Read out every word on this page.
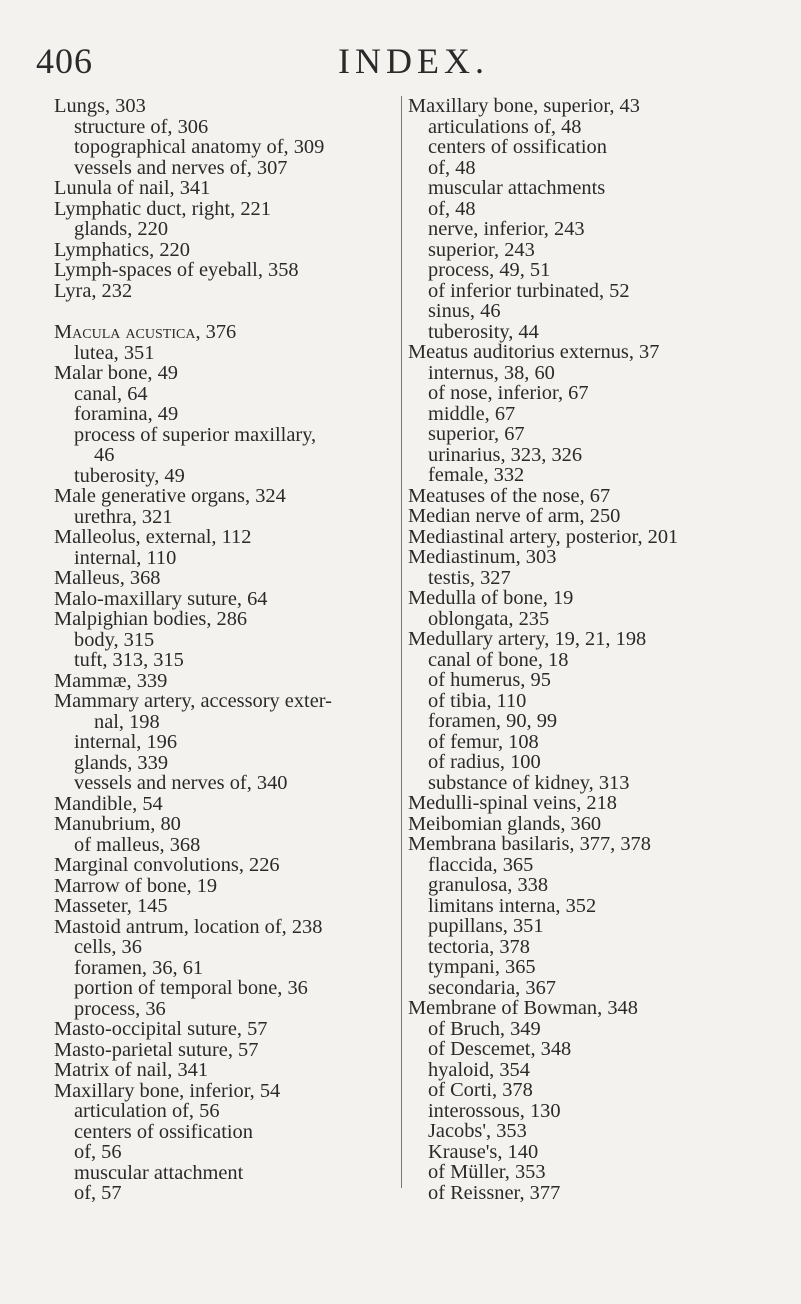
406	INDEX.
Lungs, 303
structure of, 306
topographical anatomy of, 309
vessels and nerves of, 307
Lunula of nail, 341
Lymphatic duct, right, 221
glands, 220
Lymphatics, 220
Lymph-spaces of eyeball, 358
Lyra, 232
Macula acustica, 376
lutea, 351
Malar bone, 49
canal, 64
foramina, 49
process of superior maxillary,
46
tuberosity, 49
Male generative organs, 324
urethra, 321
Malleolus, external, 112
internal, 110
Malleus, 368
Malo-maxillary suture, 64
Malpighian bodies, 286
body, 315
tuft, 313, 315
Mammæ, 339
Mammary artery, accessory exter-
nal, 198
internal, 196
glands, 339
vessels and nerves of, 340
Mandible, 54
Manubrium, 80
of malleus, 368
Marginal convolutions, 226
Marrow of bone, 19
Masseter, 145
Mastoid antrum, location of, 238
cells, 36
foramen, 36, 61
portion of temporal bone, 36
process, 36
Masto-occipital suture, 57
Masto-parietal suture, 57
Matrix of nail, 341
Maxillary bone, inferior, 54
articulation of, 56
centers of ossification
of, 56
muscular attachment
of, 57
Maxillary bone, superior, 43
articulations of, 48
centers of ossification
of, 48
muscular attachments
of, 48
nerve, inferior, 243
superior, 243
process, 49, 51
of inferior turbinated, 52
sinus, 46
tuberosity, 44
Meatus auditorius externus, 37
internus, 38, 60
of nose, inferior, 67
middle, 67
superior, 67
urinarius, 323, 326
female, 332
Meatuses of the nose, 67
Median nerve of arm, 250
Mediastinal artery, posterior, 201
Mediastinum, 303
testis, 327
Medulla of bone, 19
oblongata, 235
Medullary artery, 19, 21, 198
canal of bone, 18
of humerus, 95
of tibia, 110
foramen, 90, 99
of femur, 108
of radius, 100
substance of kidney, 313
Medulli-spinal veins, 218
Meibomian glands, 360
Membrana basilaris, 377, 378
flaccida, 365
granulosa, 338
limitans interna, 352
pupillans, 351
tectoria, 378
tympani, 365
secondaria, 367
Membrane of Bowman, 348
of Bruch, 349
of Descemet, 348
hyaloid, 354
of Corti, 378
interossous, 130
Jacobs', 353
Krause's, 140
of Müller, 353
of Reissner, 377
